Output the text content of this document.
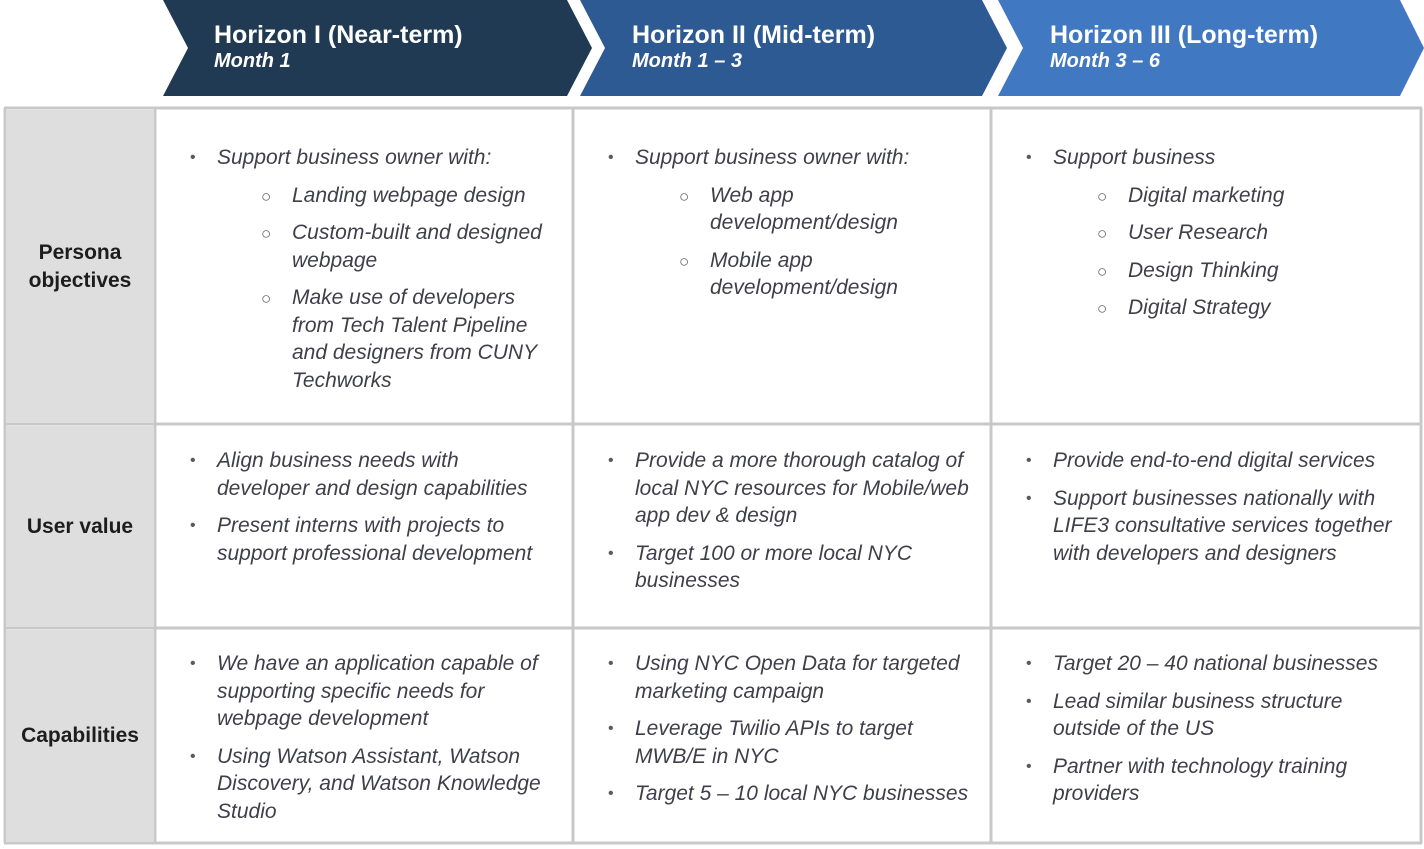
Horizon I (Near-term)
Month 1
Horizon II (Mid-term)
Month 1 – 3
Horizon III (Long-term)
Month 3 – 6
Persona objectives
User value
Capabilities
• Support business owner with:
○ Landing webpage design
○ Custom-built and designed webpage
○ Make use of developers from Tech Talent Pipeline and designers from CUNY Techworks
• Support business owner with:
○ Web app development/design
○ Mobile app development/design
• Support business
○ Digital marketing
○ User Research
○ Design Thinking
○ Digital Strategy
• Align business needs with developer and design capabilities
• Present interns with projects to support professional development
• Provide a more thorough catalog of local NYC resources for Mobile/web app dev & design
• Target 100 or more local NYC businesses
• Provide end-to-end digital services
• Support businesses nationally with LIFE3 consultative services together with developers and designers
• We have an application capable of supporting specific needs for webpage development
• Using Watson Assistant, Watson Discovery, and Watson Knowledge Studio
• Using NYC Open Data for targeted marketing campaign
• Leverage Twilio APIs to target MWB/E in NYC
• Target 5 – 10 local NYC businesses
• Target 20 – 40 national businesses
• Lead similar business structure outside of the US
• Partner with technology training providers
